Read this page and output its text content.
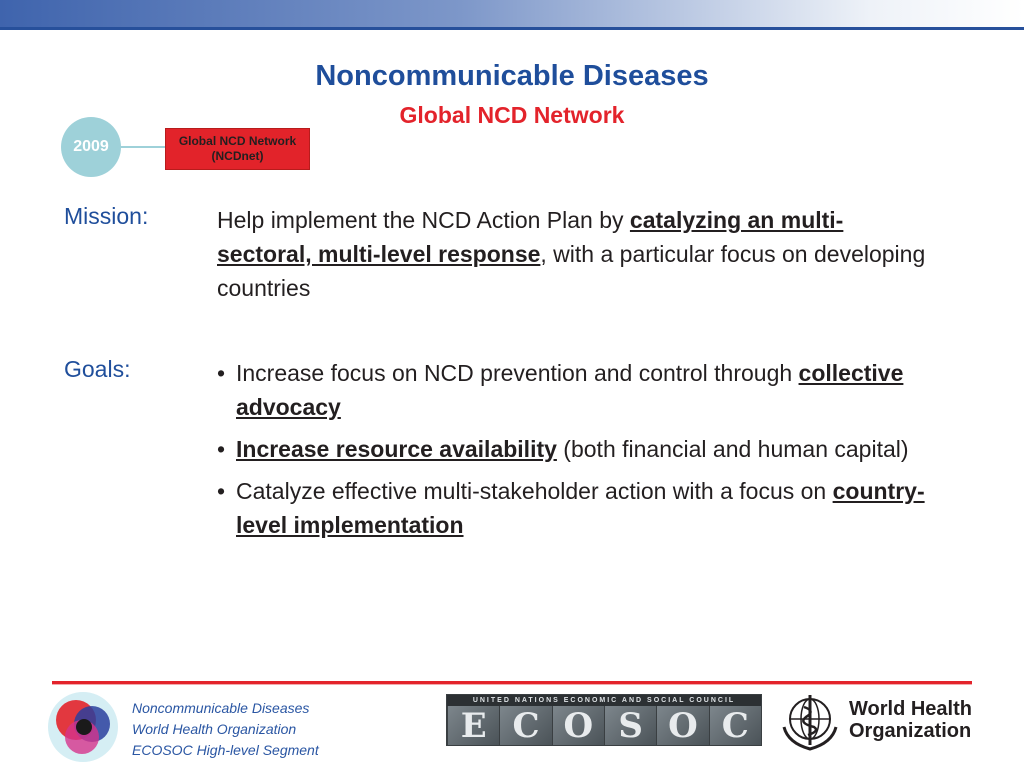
Noncommunicable Diseases
Global NCD Network
2009	Global NCD Network
(NCDnet)
Mission:	Help implement the NCD Action Plan by catalyzing an multi-sectoral, multi-level response, with a particular focus on developing countries
Goals:
•	Increase focus on NCD prevention and control through collective advocacy
• Increase resource availability (both financial and human capital)
• Catalyze effective multi-stakeholder action with a focus on country-level implementation
Noncommunicable Diseases
World Health Organization
ECOSOC High-level Segment
UNITED NATIONS ECONOMIC AND SOCIAL COUNCIL
E C O S O C	World Health
Organization
